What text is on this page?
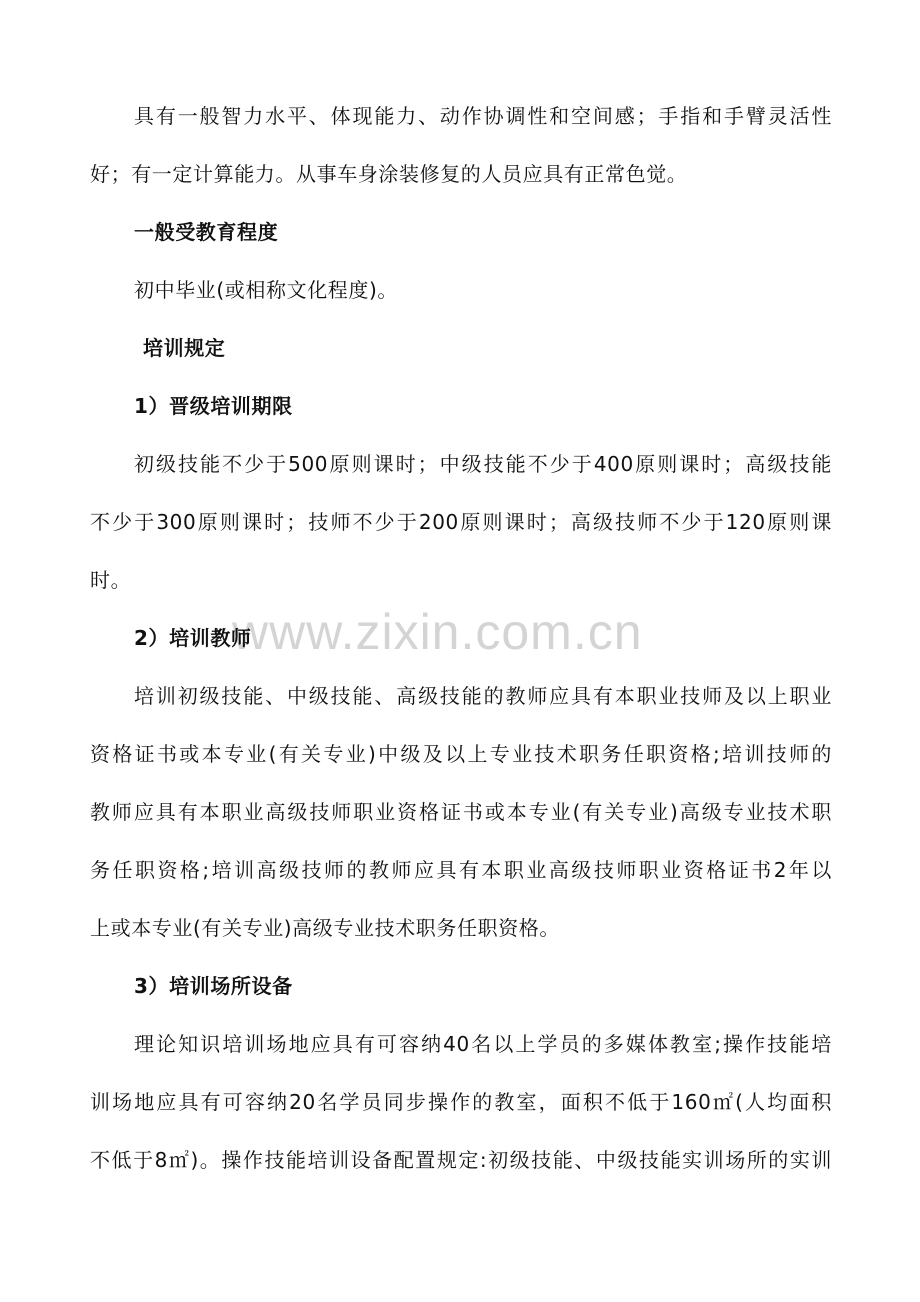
具有一般智力水平、体现能力、动作协调性和空间感；手指和手臂灵活性
好；有一定计算能力。从事车身涂装修复的人员应具有正常色觉。
一般受教育程度
初中毕业(或相称文化程度)。
培训规定
1）晋级培训期限
初级技能不少于500原则课时；中级技能不少于400原则课时；高级技能
不少于300原则课时；技师不少于200原则课时；高级技师不少于120原则课
时。
www.zixin.com.cn
2）培训教师
培训初级技能、中级技能、高级技能的教师应具有本职业技师及以上职业
资格证书或本专业(有关专业)中级及以上专业技术职务任职资格;培训技师的
教师应具有本职业高级技师职业资格证书或本专业(有关专业)高级专业技术职
务任职资格;培训高级技师的教师应具有本职业高级技师职业资格证书2年以
上或本专业(有关专业)高级专业技术职务任职资格。
3）培训场所设备
理论知识培训场地应具有可容纳40名以上学员的多媒体教室;操作技能培
训场地应具有可容纳20名学员同步操作的教室，面积不低于160㎡(人均面积
不低于8㎡)。操作技能培训设备配置规定:初级技能、中级技能实训场所的实训
